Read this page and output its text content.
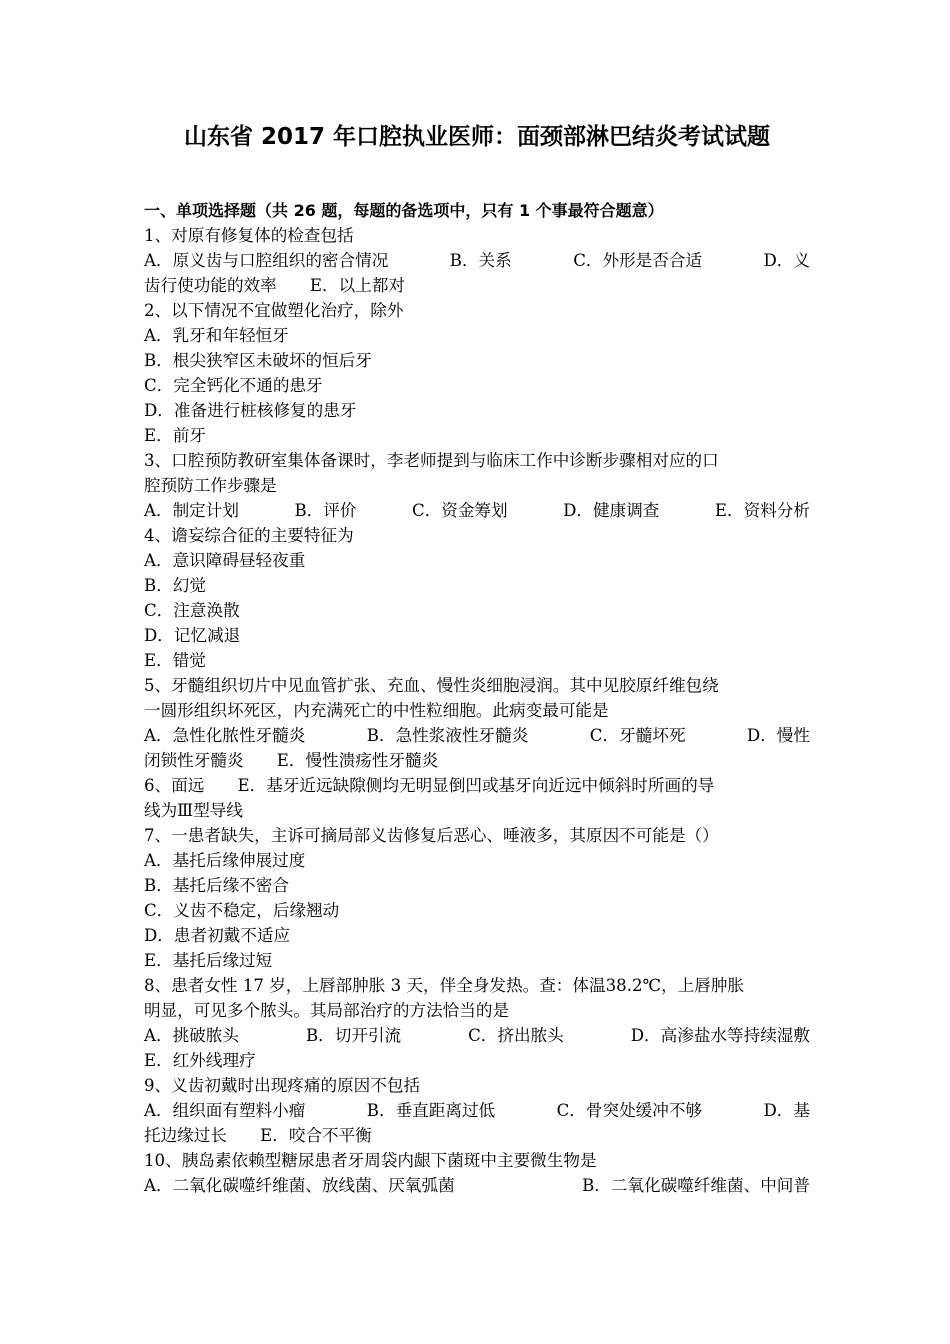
山东省 2017 年口腔执业医师：面颈部淋巴结炎考试试题
一、单项选择题（共 26 题，每题的备选项中，只有 1 个事最符合题意）
1、对原有修复体的检查包括
A．原义齿与口腔组织的密合情况	B．关系	C．外形是否合适	D．义
齿行使功能的效率　　E．以上都对
2、以下情况不宜做塑化治疗，除外
A．乳牙和年轻恒牙
B．根尖狭窄区未破坏的恒后牙
C．完全钙化不通的患牙
D．准备进行桩核修复的患牙
E．前牙
3、口腔预防教研室集体备课时，李老师提到与临床工作中诊断步骤相对应的口
腔预防工作步骤是
A．制定计划	B．评价	C．资金筹划	D．健康调查	E．资料分析
4、谵妄综合征的主要特征为
A．意识障碍昼轻夜重
B．幻觉
C．注意涣散
D．记忆减退
E．错觉
5、牙髓组织切片中见血管扩张、充血、慢性炎细胞浸润。其中见胶原纤维包绕
一圆形组织坏死区，内充满死亡的中性粒细胞。此病变最可能是
A．急性化脓性牙髓炎	B．急性浆液性牙髓炎	C．牙髓坏死	D．慢性
闭锁性牙髓炎　　E．慢性溃疡性牙髓炎
6、面远　　E．基牙近远缺隙侧均无明显倒凹或基牙向近远中倾斜时所画的导
线为Ⅲ型导线
7、一患者缺失，主诉可摘局部义齿修复后恶心、唾液多，其原因不可能是（）
A．基托后缘伸展过度
B．基托后缘不密合
C．义齿不稳定，后缘翘动
D．患者初戴不适应
E．基托后缘过短
8、患者女性 17 岁，上唇部肿胀 3 天，伴全身发热。查：体温38.2℃，上唇肿胀
明显，可见多个脓头。其局部治疗的方法恰当的是
A．挑破脓头	B．切开引流	C．挤出脓头	D．高渗盐水等持续湿敷
E．红外线理疗
9、义齿初戴时出现疼痛的原因不包括
A．组织面有塑料小瘤	B．垂直距离过低	C．骨突处缓冲不够	D．基
托边缘过长　　E．咬合不平衡
10、胰岛素依赖型糖尿患者牙周袋内龈下菌斑中主要微生物是
A．二氧化碳噬纤维菌、放线菌、厌氧弧菌	B．二氧化碳噬纤维菌、中间普
